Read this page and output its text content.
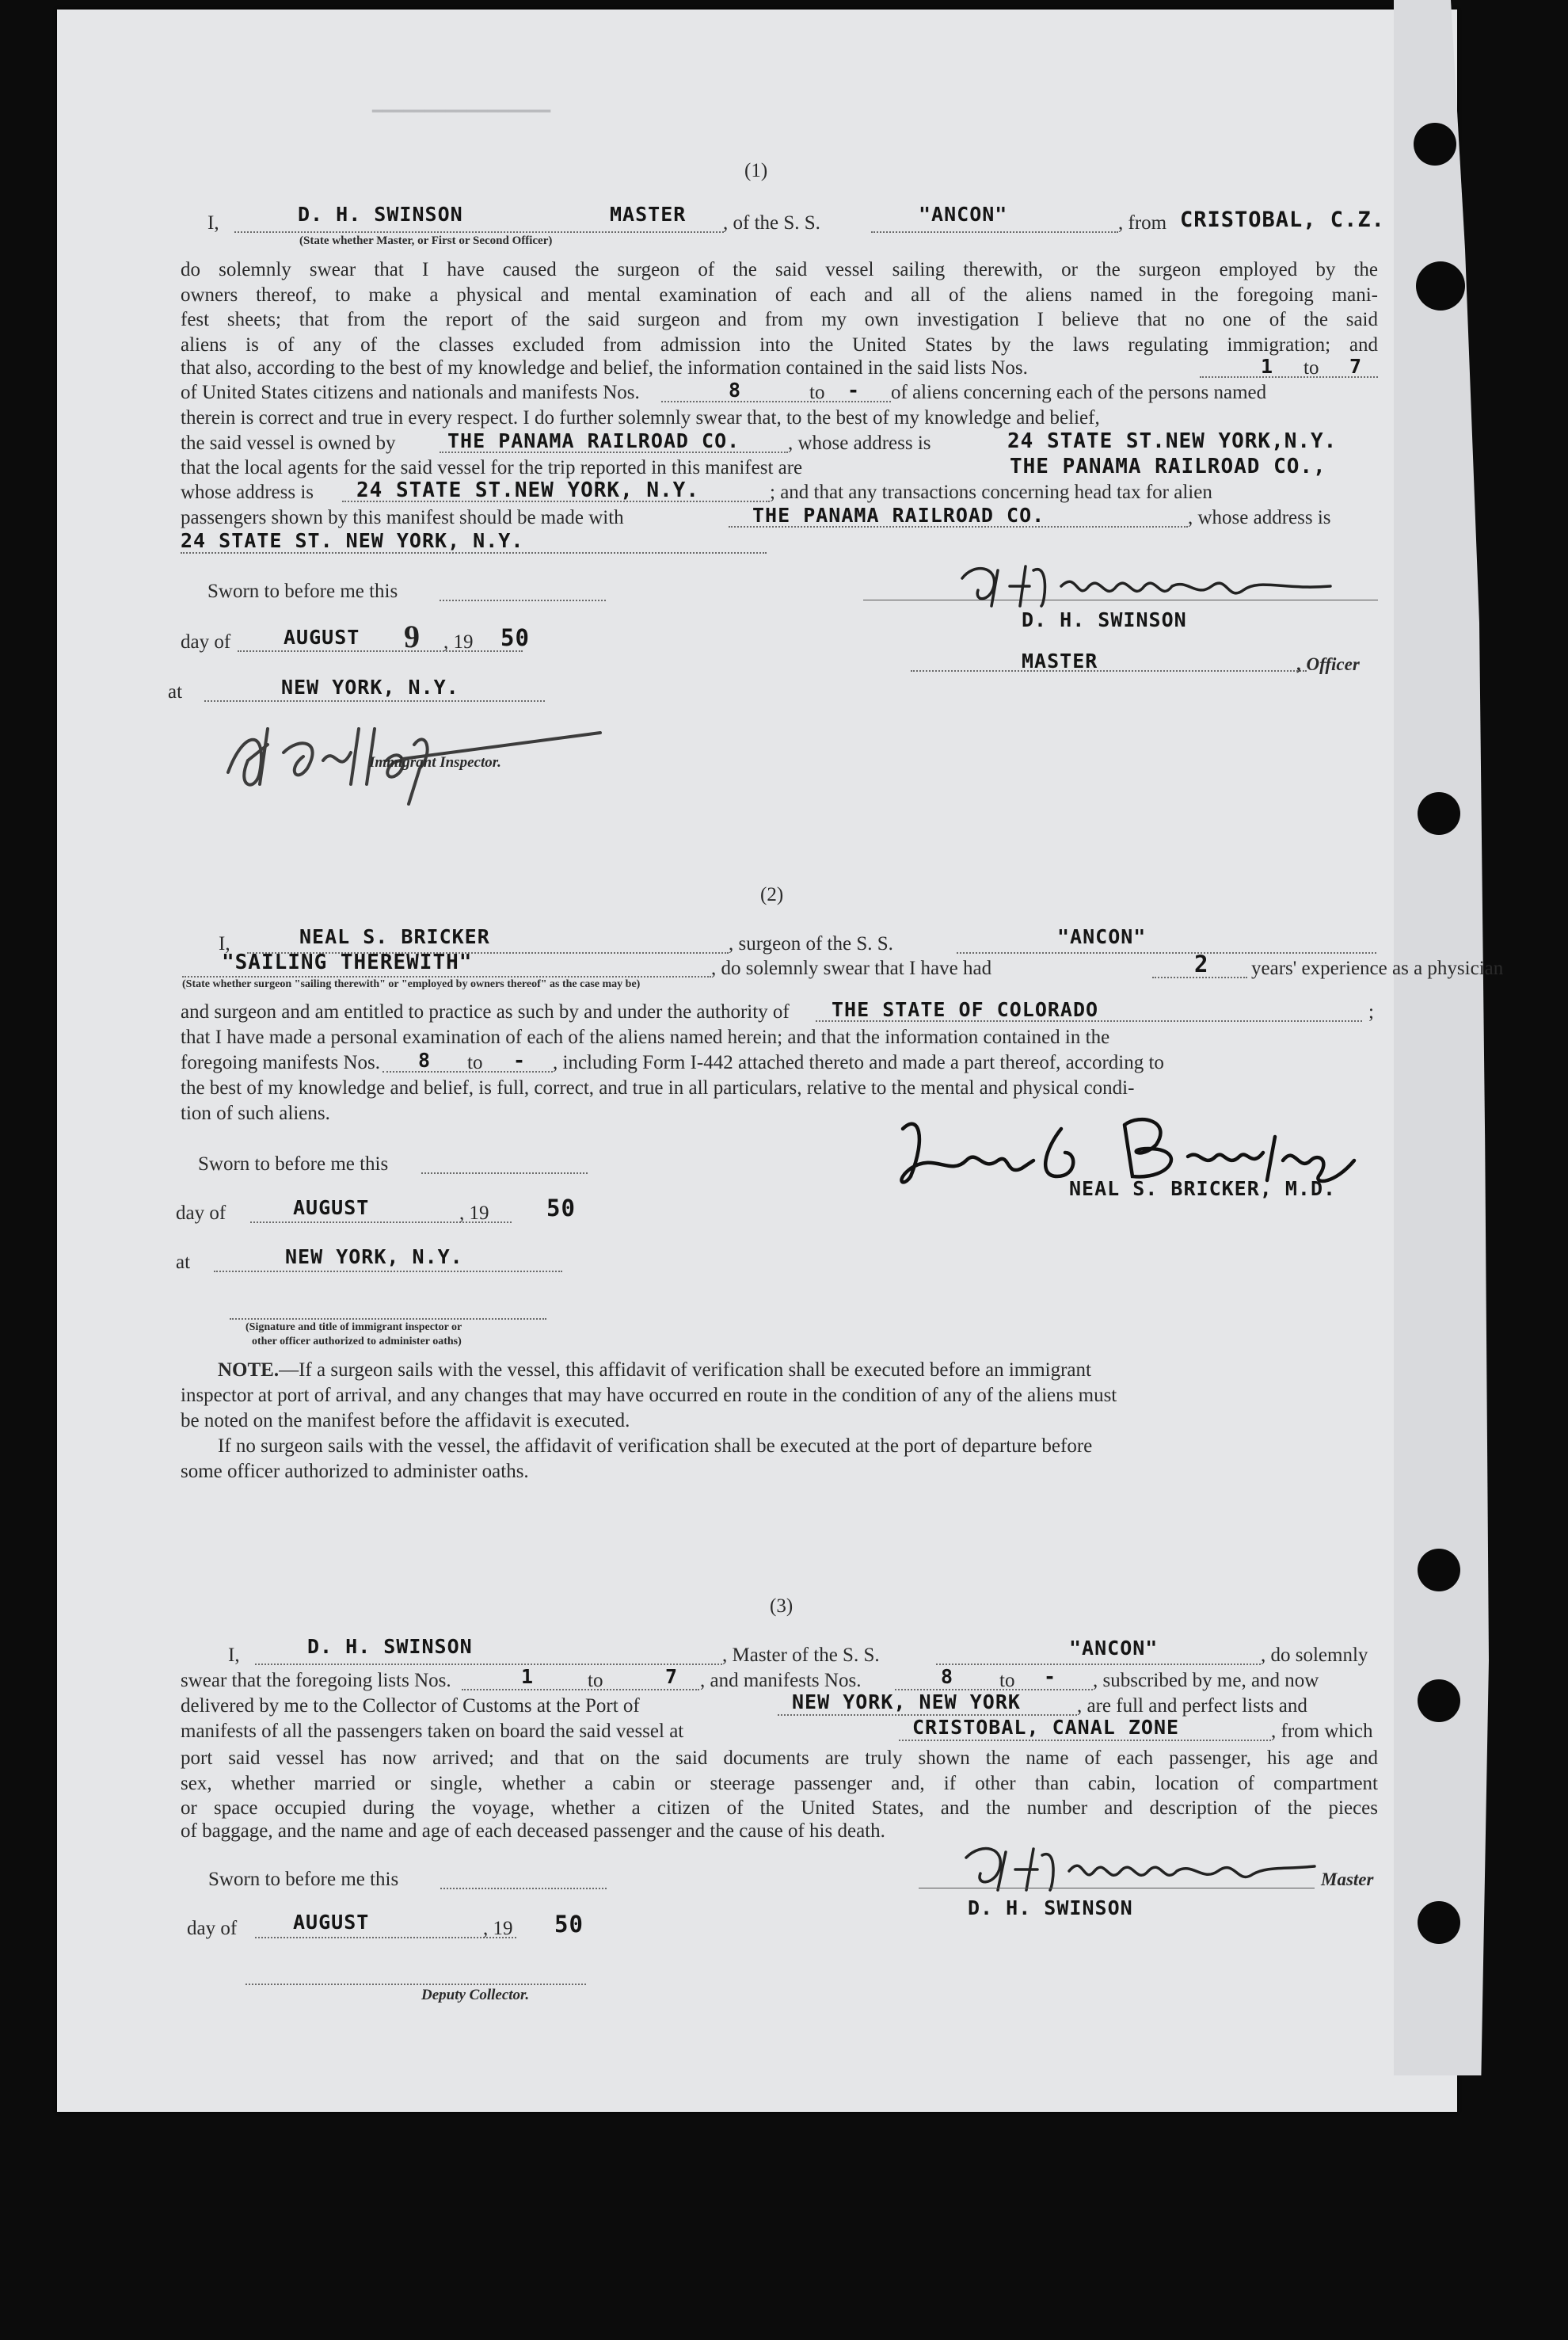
▔▔▔▔▔▔▔▔▔▔▔▔▔▔▔▔▔
(1)
I,	D. H. SWINSON	MASTER
(State whether Master, or First or Second Officer)
, of the S. S.	"ANCON"	, from CRISTOBAL, C.Z.
do solemnly swear that I have caused the surgeon of the said vessel sailing therewith, or the surgeon employed by the
owners thereof, to make a physical and mental examination of each and all of the aliens named in the foregoing mani-
fest sheets; that from the report of the said surgeon and from my own investigation I believe that no one of the said
aliens is of any of the classes excluded from admission into the United States by the laws regulating immigration; and
that also, according to the best of my knowledge and belief, the information contained in the said lists Nos.	1 to 7
of United States citizens and nationals and manifests Nos.	8	to - of aliens concerning each of the persons named
therein is correct and true in every respect. I do further solemnly swear that, to the best of my knowledge and belief,
the said vessel is owned by	THE PANAMA RAILROAD CO. , whose address is	24 STATE ST.NEW YORK,N.Y.
that the local agents for the said vessel for the trip reported in this manifest are	THE PANAMA RAILROAD CO.,
whose address is 24 STATE ST.NEW YORK, N.Y.	; and that any transactions concerning head tax for alien
passengers shown by this manifest should be made with	THE PANAMA RAILROAD CO.	, whose address is
24 STATE ST. NEW YORK, N.Y.
Sworn to before me this
day of	AUGUST 9 , 19 50
at	NEW YORK, N.Y.
Immigrant Inspector.
D. H. SWINSON
MASTER	, Officer
(2)
I,	NEAL S. BRICKER	, surgeon of the S. S.	"ANCON"
"SAILING THEREWITH"	, do solemnly swear that I have had	2 years' experience as a physician
(State whether surgeon "sailing therewith" or "employed by owners thereof" as the case may be)
and surgeon and am entitled to practice as such by and under the authority of THE STATE OF COLORADO	;
that I have made a personal examination of each of the aliens named herein; and that the information contained in the
foregoing manifests Nos. 8 to - , including Form I-442 attached thereto and made a part thereof, according to
the best of my knowledge and belief, is full, correct, and true in all particulars, relative to the mental and physical condi-
tion of such aliens.
Sworn to before me this
day of	AUGUST	, 19	50
at	NEW YORK, N.Y.
(Signature and title of immigrant inspector or
other officer authorized to administer oaths)
NEAL S. BRICKER, M.D.
NOTE.—If a surgeon sails with the vessel, this affidavit of verification shall be executed before an immigrant
inspector at port of arrival, and any changes that may have occurred en route in the condition of any of the aliens must
be noted on the manifest before the affidavit is executed.
If no surgeon sails with the vessel, the affidavit of verification shall be executed at the port of departure before
some officer authorized to administer oaths.
(3)
I,	D. H. SWINSON	, Master of the S. S.	"ANCON"	, do solemnly
swear that the foregoing lists Nos.	1	to	7 , and manifests Nos.	8 to - , subscribed by me, and now
delivered by me to the Collector of Customs at the Port of	NEW YORK, NEW YORK	, are full and perfect lists and
manifests of all the passengers taken on board the said vessel at	CRISTOBAL, CANAL ZONE	, from which
port said vessel has now arrived; and that on the said documents are truly shown the name of each passenger, his age and
sex, whether married or single, whether a cabin or steerage passenger and, if other than cabin, location of compartment
or space occupied during the voyage, whether a citizen of the United States, and the number and description of the pieces
of baggage, and the name and age of each deceased passenger and the cause of his death.
Sworn to before me this
day of	AUGUST	, 19 50
Deputy Collector.
Master
D. H. SWINSON
